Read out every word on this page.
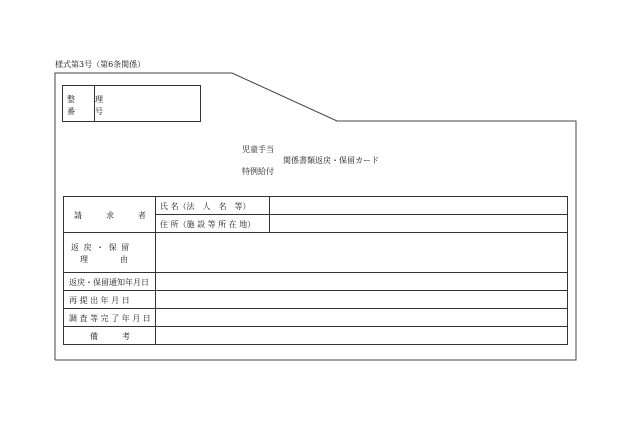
様式第3号（第6条関係）
整　理
番　号
児童手当
特例給付
関係書類返戻・保留カード
請　　　求　　　者
氏 名（法　人　名　等）
住 所（施 設 等 所 在 地）
返 戻 ・ 保 留
理　　　　由
返戻・保留通知年月日
再 提 出 年 月 日
調 査 等 完 了 年 月 日
備　　　考
